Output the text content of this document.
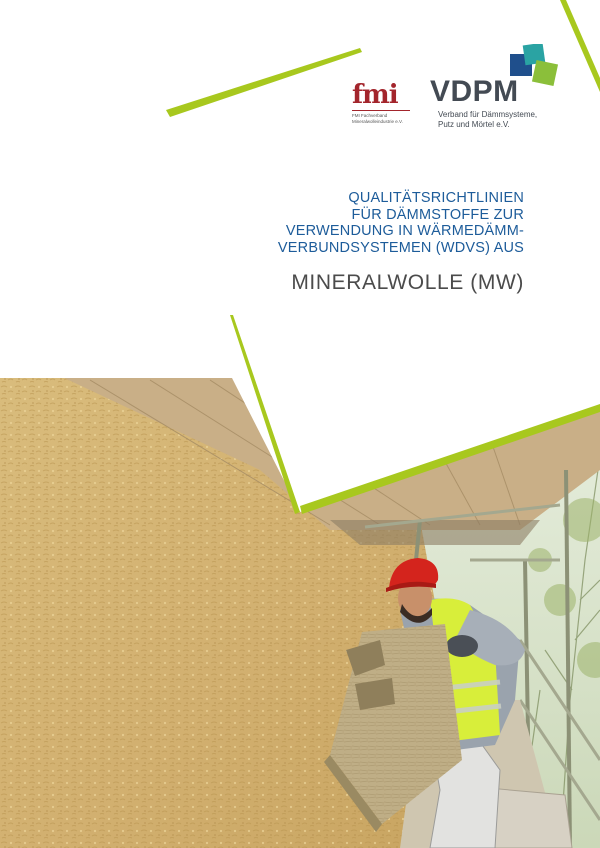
fmi
FMI Fachverband
Mineralwolleindustrie e.V.
VDPM
Verband für Dämmsysteme,
Putz und Mörtel e.V.
QUALITÄTSRICHTLINIEN
FÜR DÄMMSTOFFE ZUR
VERWENDUNG IN WÄRMEDÄMM-
VERBUNDSYSTEMEN (WDVS) AUS
MINERALWOLLE (MW)
